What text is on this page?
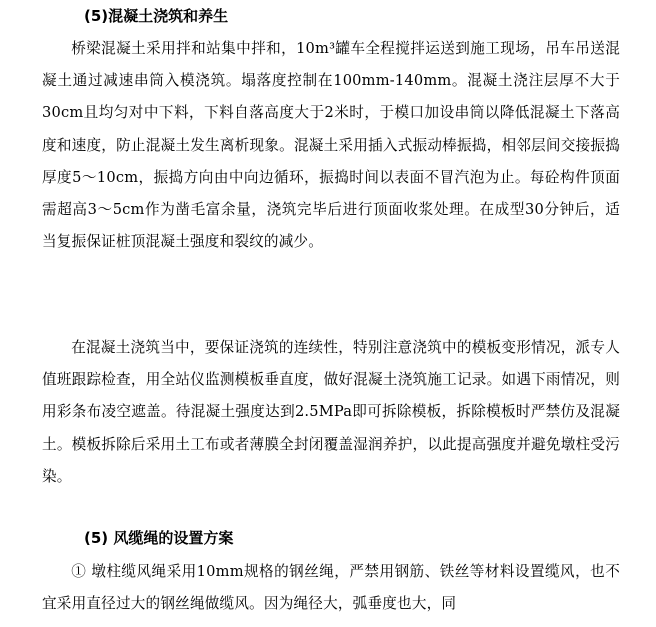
(5)混凝土浇筑和养生

桥梁混凝土采用拌和站集中拌和，10m³罐车全程搅拌运送到施工现场，吊车吊送混凝土通过减速串筒入模浇筑。塌落度控制在100mm-140mm。混凝土浇注层厚不大于30cm且均匀对中下料，下料自落高度大于2米时，于模口加设串筒以降低混凝土下落高度和速度，防止混凝土发生离析现象。混凝土采用插入式振动棒振捣，相邻层间交接振捣厚度5～10cm，振捣方向由中向边循环，振捣时间以表面不冒汽泡为止。每砼构件顶面需超高3～5cm作为凿毛富余量，浇筑完毕后进行顶面收浆处理。在成型30分钟后，适当复振保证桩顶混凝土强度和裂纹的减少。

在混凝土浇筑当中，要保证浇筑的连续性，特别注意浇筑中的模板变形情况，派专人值班跟踪检查，用全站仪监测模板垂直度，做好混凝土浇筑施工记录。如遇下雨情况，则用彩条布凌空遮盖。待混凝土强度达到2.5MPa即可拆除模板，拆除模板时严禁仿及混凝土。模板拆除后采用土工布或者薄膜全封闭覆盖湿润养护，以此提高强度并避免墩柱受污染。

(5) 风缆绳的设置方案

① 墩柱缆风绳采用10mm规格的钢丝绳，严禁用钢筋、铁丝等材料设置缆风，也不宜采用直径过大的钢丝绳做缆风。因为绳径大，弧垂度也大，同
